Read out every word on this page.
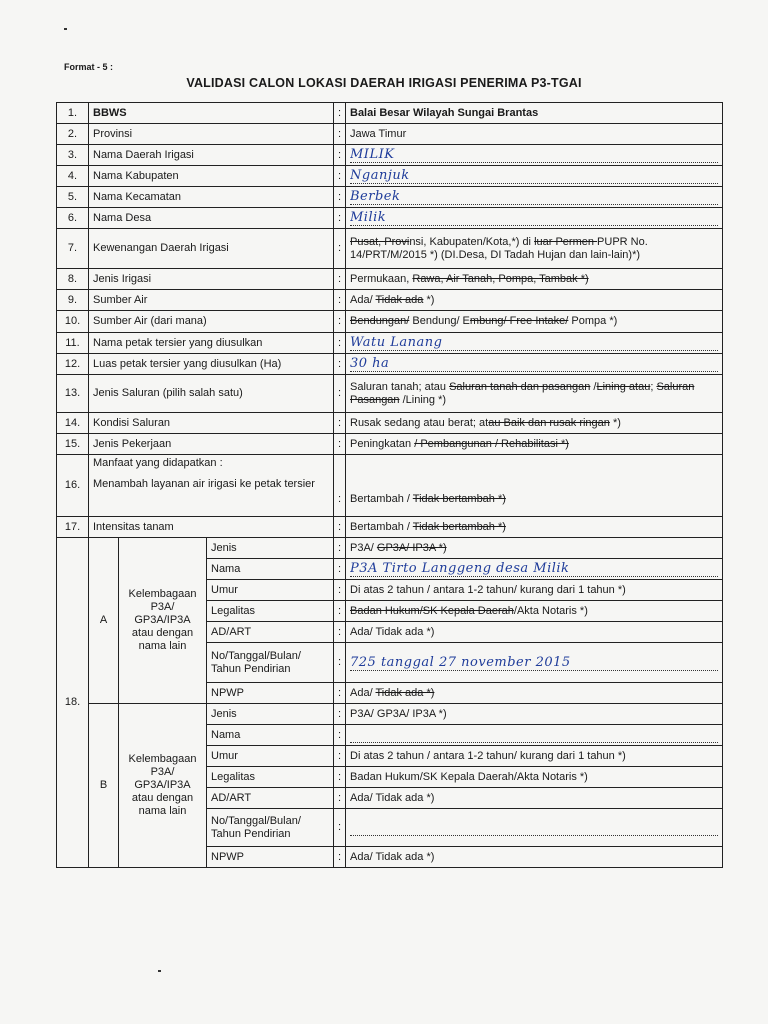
Format - 5 :
VALIDASI CALON LOKASI DAERAH IRIGASI PENERIMA P3-TGAI
1.	BBWS			:	Balai Besar Wilayah Sungai Brantas
2.	Provinsi			:	Jawa Timur
3.	Nama Daerah Irigasi			:	MILIK

4.	Nama Kabupaten			:	Nganjuk

5.	Nama Kecamatan			:	Berbek

6.	Nama Desa			:	Milik

7.	Kewenangan Daerah Irigasi			:	Pusat, Provinsi, Kabupaten/Kota,*) di luar Permen PUPR No. 14/PRT/M/2015 *) (DI.Desa, DI Tadah Hujan dan lain-lain)*)
8.	Jenis Irigasi			:	Permukaan, Rawa, Air Tanah, Pompa, Tambak *)
9.	Sumber Air			:	Ada/ Tidak ada *)
10.	Sumber Air (dari mana)			:	Bendungan/ Bendung/ Embung/ Free Intake/ Pompa *)
11.	Nama petak tersier yang diusulkan			:	Watu Lanang

12.	Luas petak tersier yang diusulkan (Ha)			:	30 ha

13.	Jenis Saluran (pilih salah satu)			:	Saluran tanah; atau Saluran tanah dan pasangan /Lining atau; Saluran Pasangan /Lining *)
14.	Kondisi Saluran			:	Rusak sedang atau berat; atau Baik dan rusak ringan *)
15.	Jenis Pekerjaan			:	Peningkatan / Pembangunan / Rehabilitasi *)
16.	Manfaat yang didapatkan :
Menambah layanan air irigasi ke petak tersier			:	Bertambah / Tidak bertambah *)
17.	Intensitas tanam			:	Bertambah / Tidak bertambah *)
18.	A	Kelembagaan P3A/ GP3A/IP3A atau dengan nama lain	Jenis	:	P3A/ GP3A/ IP3A *)
			Nama	:	P3A Tirto Langgeng desa Milik

			Umur	:	Di atas 2 tahun / antara 1-2 tahun/ kurang dari 1 tahun *)
			Legalitas	:	Badan Hukum/SK Kepala Daerah/Akta Notaris *)
			AD/ART	:	Ada/ Tidak ada *)
			No/Tanggal/Bulan/ Tahun Pendirian	:	725 tanggal 27 november 2015

			NPWP	:	Ada/ Tidak ada *)
	B	Kelembagaan P3A/ GP3A/IP3A atau dengan nama lain	Jenis	:	P3A/ GP3A/ IP3A *)
			Nama	:	

			Umur	:	Di atas 2 tahun / antara 1-2 tahun/ kurang dari 1 tahun *)
			Legalitas	:	Badan Hukum/SK Kepala Daerah/Akta Notaris *)
			AD/ART	:	Ada/ Tidak ada *)
			No/Tanggal/Bulan/ Tahun Pendirian	:	

			NPWP	:	Ada/ Tidak ada *)
